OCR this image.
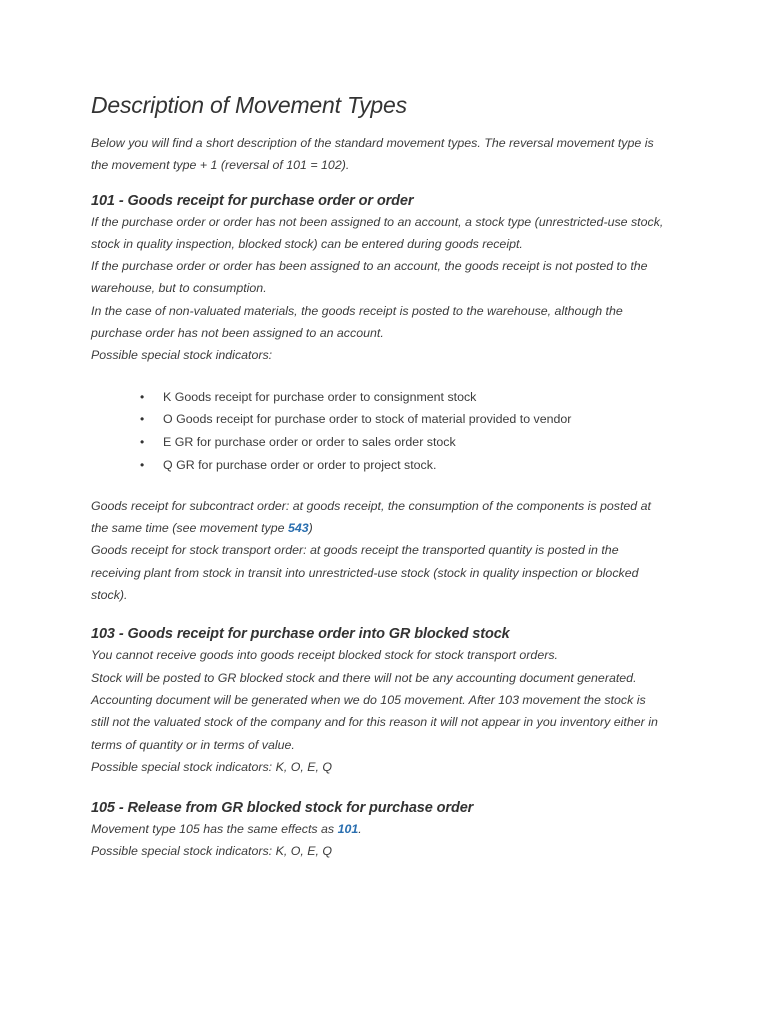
Description of Movement Types

Below you will find a short description of the standard movement types. The reversal movement type is

the movement type + 1 (reversal of 101 = 102).

101 - Goods receipt for purchase order or order

If the purchase order or order has not been assigned to an account, a stock type (unrestricted-use stock,

stock in quality inspection, blocked stock) can be entered during goods receipt.

If the purchase order or order has been assigned to an account, the goods receipt is not posted to the

warehouse, but to consumption.

In the case of non-valuated materials, the goods receipt is posted to the warehouse, although the

purchase order has not been assigned to an account.

Possible special stock indicators:

• K Goods receipt for purchase order to consignment stock
• O Goods receipt for purchase order to stock of material provided to vendor
• E GR for purchase order or order to sales order stock
• Q GR for purchase order or order to project stock.

Goods receipt for subcontract order: at goods receipt, the consumption of the components is posted at

the same time (see movement type 543)

Goods receipt for stock transport order: at goods receipt the transported quantity is posted in the

receiving plant from stock in transit into unrestricted-use stock (stock in quality inspection or blocked

stock).

103 - Goods receipt for purchase order into GR blocked stock

You cannot receive goods into goods receipt blocked stock for stock transport orders.

Stock will be posted to GR blocked stock and there will not be any accounting document generated.

Accounting document will be generated when we do 105 movement. After 103 movement the stock is

still not the valuated stock of the company and for this reason it will not appear in you inventory either in

terms of quantity or in terms of value.

Possible special stock indicators: K, O, E, Q

105 - Release from GR blocked stock for purchase order

Movement type 105 has the same effects as 101.

Possible special stock indicators: K, O, E, Q
